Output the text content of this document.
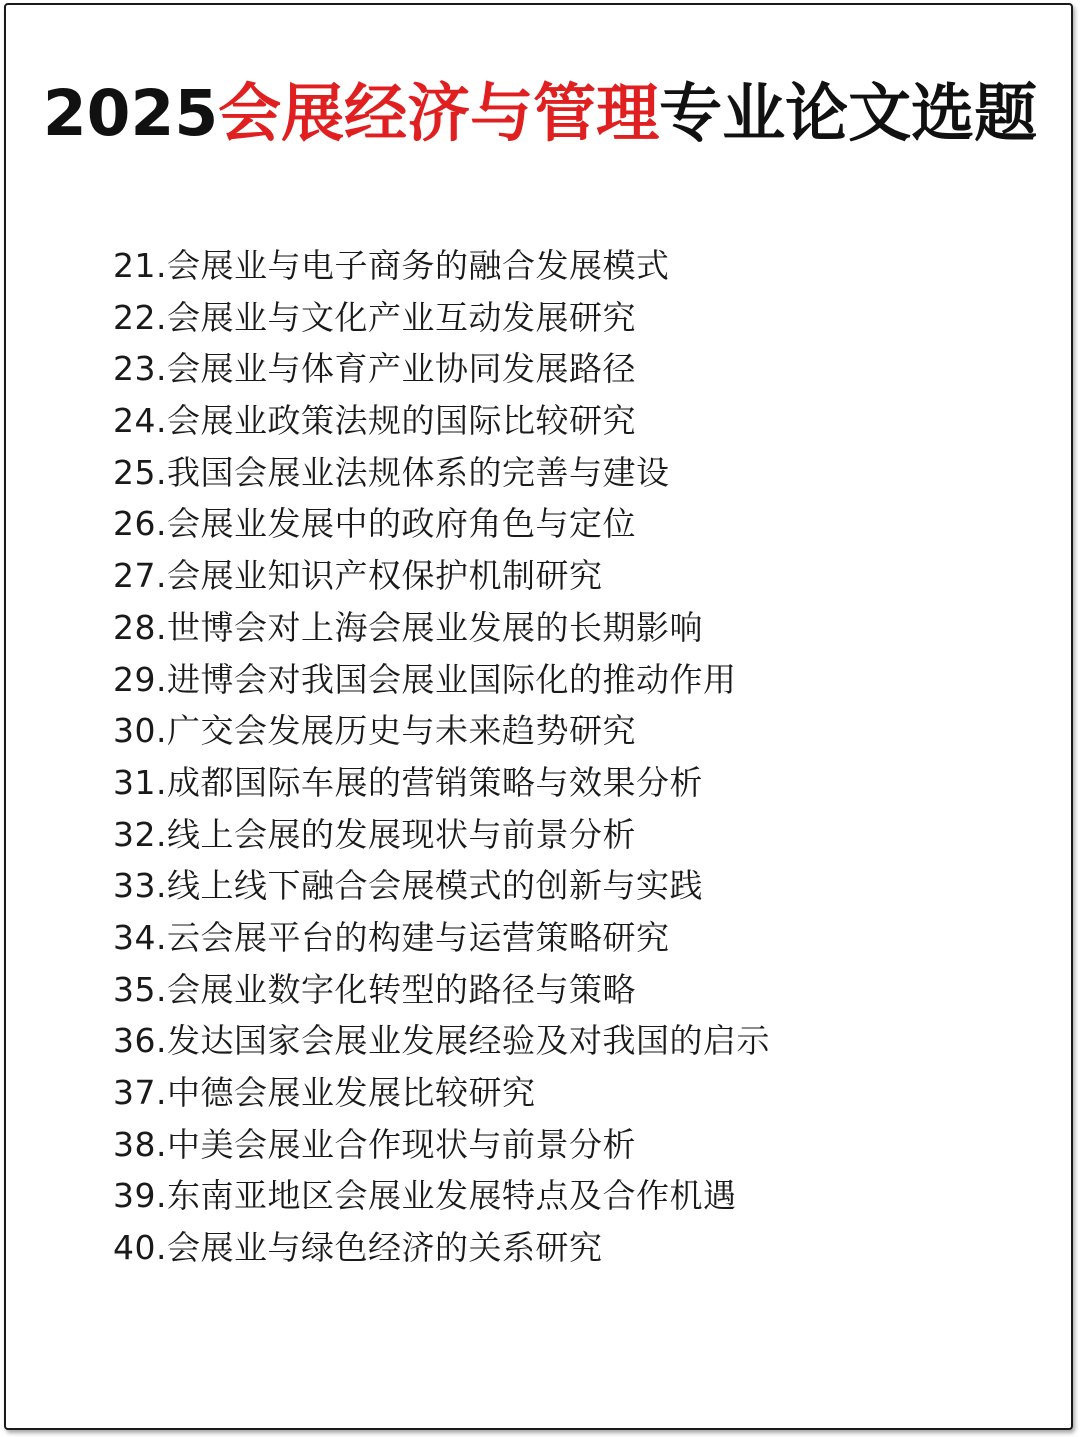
2025会展经济与管理专业论文选题
21.会展业与电子商务的融合发展模式
22.会展业与文化产业互动发展研究
23.会展业与体育产业协同发展路径
24.会展业政策法规的国际比较研究
25.我国会展业法规体系的完善与建设
26.会展业发展中的政府角色与定位
27.会展业知识产权保护机制研究
28.世博会对上海会展业发展的长期影响
29.进博会对我国会展业国际化的推动作用
30.广交会发展历史与未来趋势研究
31.成都国际车展的营销策略与效果分析
32.线上会展的发展现状与前景分析
33.线上线下融合会展模式的创新与实践
34.云会展平台的构建与运营策略研究
35.会展业数字化转型的路径与策略
36.发达国家会展业发展经验及对我国的启示
37.中德会展业发展比较研究
38.中美会展业合作现状与前景分析
39.东南亚地区会展业发展特点及合作机遇
40.会展业与绿色经济的关系研究
